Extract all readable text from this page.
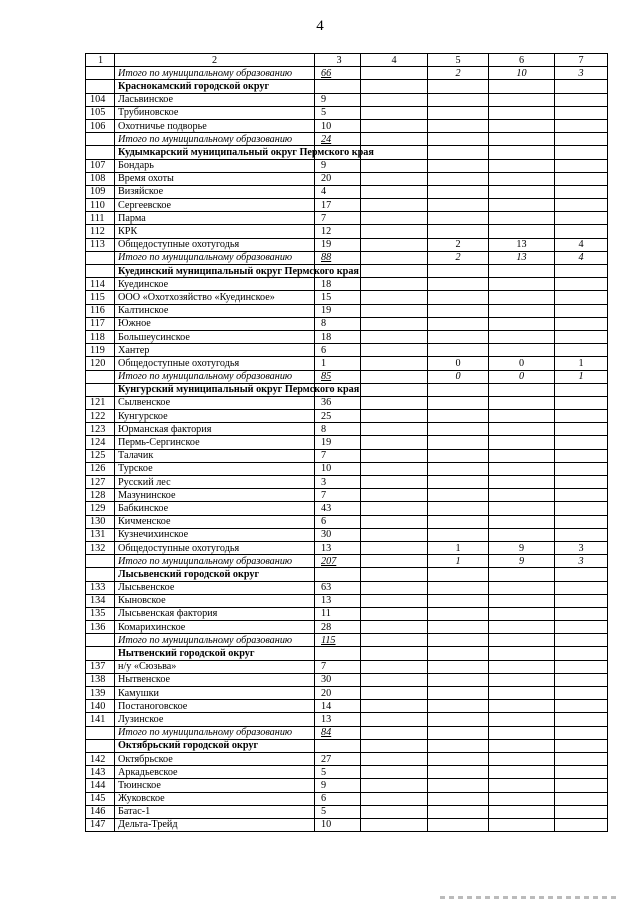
4
1	2	3	4	5	6	7
	Итого по муниципальному образованию	66		2	10	3
	Краснокамский городской округ					
104	Ласьвинское	9				
105	Трубиновское	5				
106	Охотничье подворье	10				
	Итого по муниципальному образованию	24				
	Кудымкарский муниципальный округ Пермского края					
107	Бондарь	9				
108	Время охоты	20				
109	Визяйское	4				
110	Сергеевское	17				
111	Парма	7				
112	КРК	12				
113	Общедоступные охотугодья	19		2	13	4
	Итого по муниципальному образованию	88		2	13	4
	Куединский муниципальный округ Пермского края					
114	Куединское	18				
115	ООО «Охотхозяйство «Куединское»	15				
116	Калтинское	19				
117	Южное	8				
118	Большеусинское	18				
119	Хантер	6				
120	Общедоступные охотугодья	1		0	0	1
	Итого по муниципальному образованию	85		0	0	1
	Кунгурский муниципальный округ Пермского края					
121	Сылвенское	36				
122	Кунгурское	25				
123	Юрманская фактория	8				
124	Пермь-Сергинское	19				
125	Талачик	7				
126	Турское	10				
127	Русский лес	3				
128	Мазунинское	7				
129	Бабкинское	43				
130	Кичменское	6				
131	Кузнечихинское	30				
132	Общедоступные охотугодья	13		1	9	3
	Итого по муниципальному образованию	207		1	9	3
	Лысьвенский городской округ					
133	Лысьвенское	63				
134	Кыновское	13				
135	Лысьвенская фактория	11				
136	Комарихинское	28				
	Итого по муниципальному образованию	115				
	Нытвенский городской округ					
137	н/у «Сюзьва»	7				
138	Нытвенское	30				
139	Камушки	20				
140	Постаноговское	14				
141	Лузинское	13				
	Итого по муниципальному образованию	84				
	Октябрьский городской округ					
142	Октябрьское	27				
143	Аркадьевское	5				
144	Тюинское	9				
145	Жуковское	6				
146	Батас-1	5				
147	Дельта-Трейд	10				
